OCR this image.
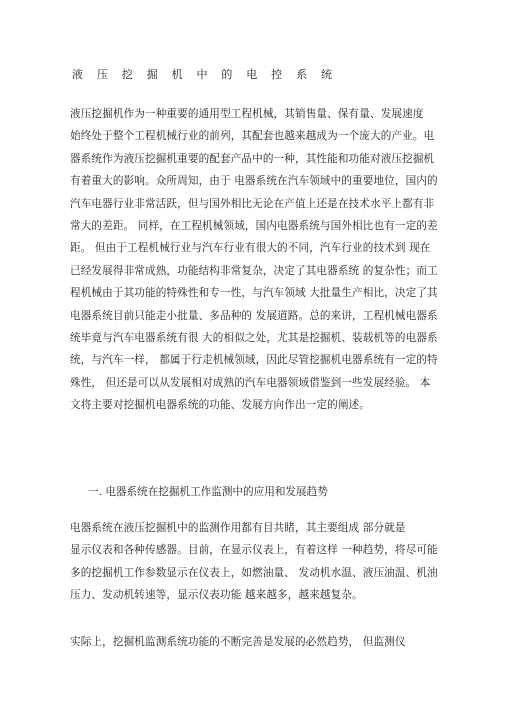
液 压 挖 掘 机 中 的 电 控 系 统
液压挖掘机作为一种重要的通用型工程机械，其销售量、保有量、发展速度
始终处于整个工程机械行业的前列，其配套也越来越成为一个庞大的产业。电
器系统作为液压挖掘机重要的配套产品中的一种，其性能和功能对液压挖掘机
有着重大的影响。众所周知，由于 电器系统在汽车领域中的重要地位，国内的
汽车电器行业非常活跃，但与国外相比无论在产值上还是在技术水平上都有非
常大的差距。 同样，在工程机械领域，国内电器系统与国外相比也有一定的差
距。 但由于工程机械行业与汽车行业有很大的不同，汽车行业的技术到 现在
已经发展得非常成熟，功能结构非常复杂，决定了其电器系统 的复杂性；而工
程机械由于其功能的特殊性和专一性，与汽车领域 大批量生产相比，决定了其
电器系统目前只能走小批量、多品种的 发展道路。总的来讲，工程机械电器系
统毕竟与汽车电器系统有很 大的相似之处，尤其是挖掘机、装载机等的电器系
统，与汽车一样， 都属于行走机械领域，因此尽管挖掘机电器系统有一定的特
殊性， 但还是可以从发展相对成熟的汽车电器领域借鉴到一些发展经验。 本
文将主要对挖掘机电器系统的功能、发展方向作出一定的阐述。
一. 电器系统在挖掘机工作监测中的应用和发展趋势
电器系统在液压挖掘机中的监测作用都有目共睹，其主要组成 部分就是
显示仪表和各种传感器。目前，在显示仪表上，有着这样 一种趋势，将尽可能
多的挖掘机工作参数显示在仪表上，如燃油量、 发动机水温、液压油温、机油
压力、发动机转速等，显示仪表功能 越来越多，越来越复杂。
实际上，挖掘机监测系统功能的不断完善是发展的必然趋势， 但监测仪
